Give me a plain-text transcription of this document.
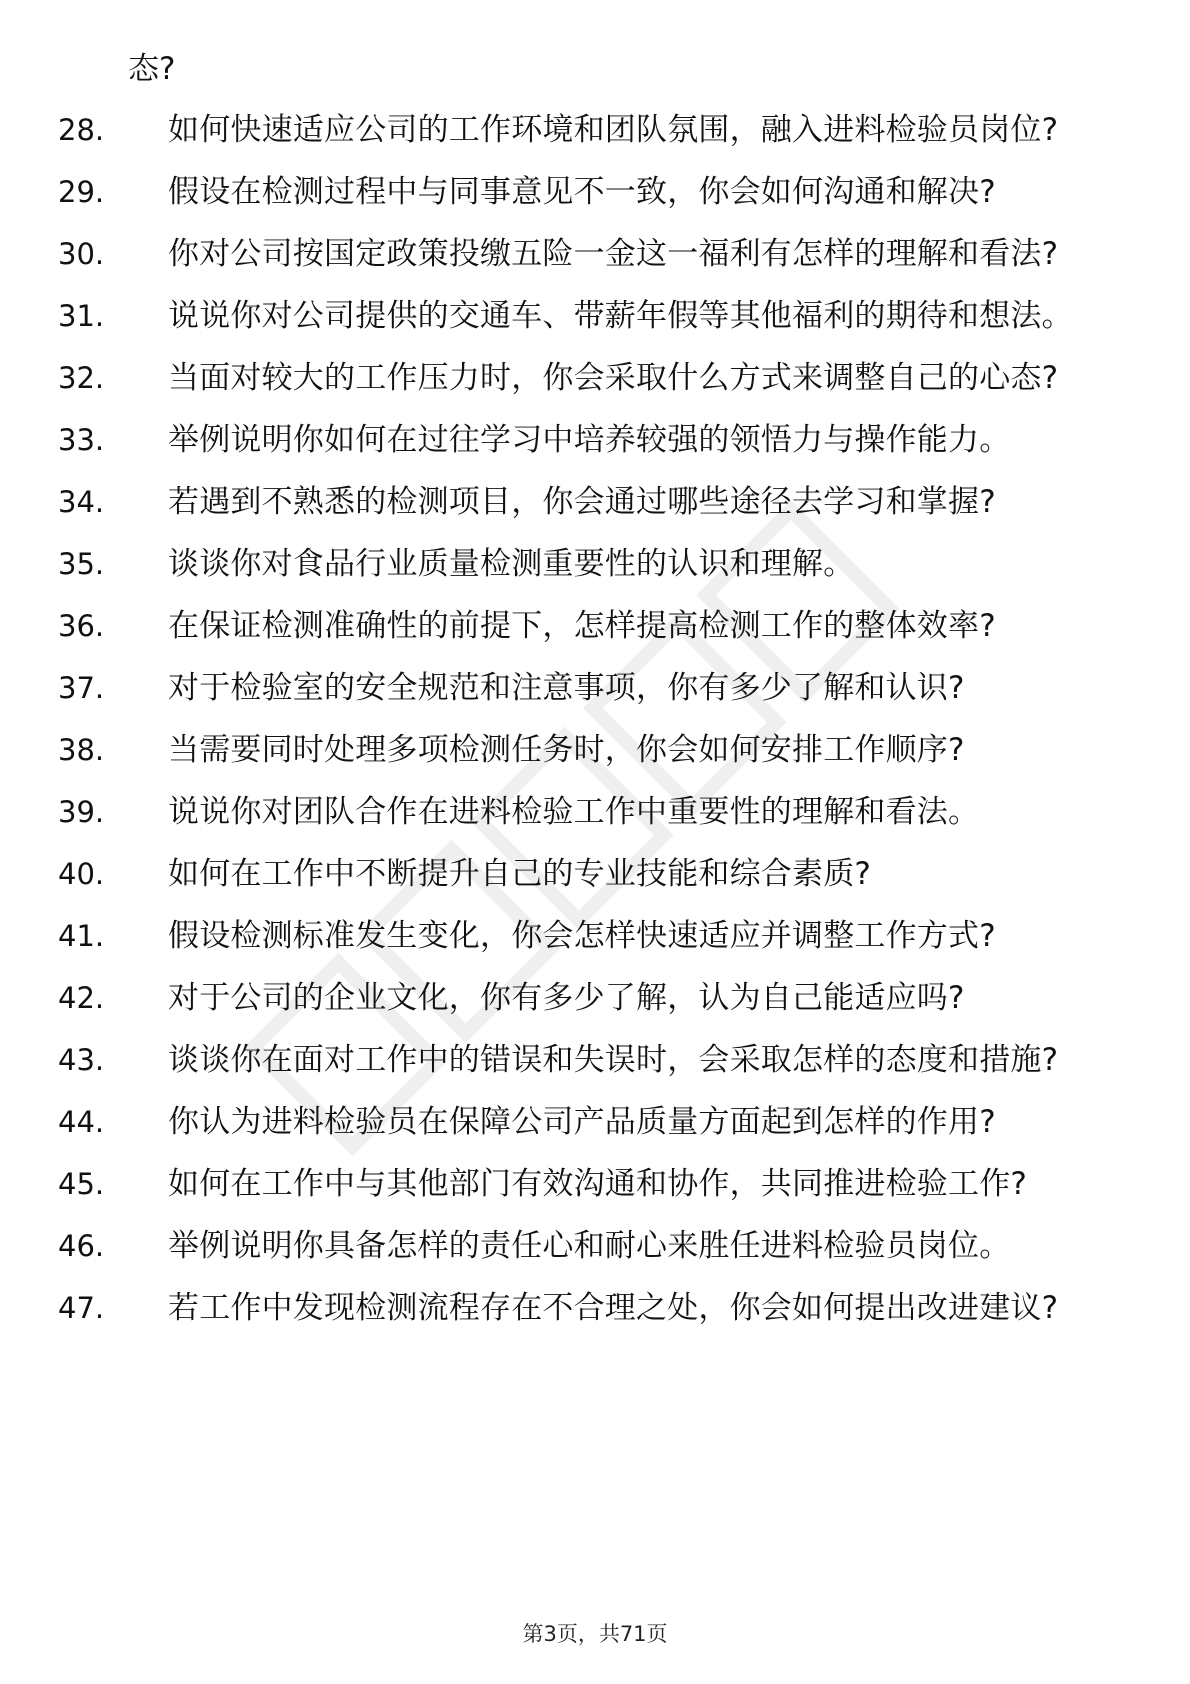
态?
28.	如何快速适应公司的工作环境和团队氛围，融入进料检验员岗位?
29.	假设在检测过程中与同事意见不一致，你会如何沟通和解决?
30.	你对公司按国定政策投缴五险一金这一福利有怎样的理解和看法?
31.	说说你对公司提供的交通车、带薪年假等其他福利的期待和想法。
32.	当面对较大的工作压力时，你会采取什么方式来调整自己的心态?
33.	举例说明你如何在过往学习中培养较强的领悟力与操作能力。
34.	若遇到不熟悉的检测项目，你会通过哪些途径去学习和掌握?
35.	谈谈你对食品行业质量检测重要性的认识和理解。
36.	在保证检测准确性的前提下，怎样提高检测工作的整体效率?
37.	对于检验室的安全规范和注意事项，你有多少了解和认识?
38.	当需要同时处理多项检测任务时，你会如何安排工作顺序?
39.	说说你对团队合作在进料检验工作中重要性的理解和看法。
40.	如何在工作中不断提升自己的专业技能和综合素质?
41.	假设检测标准发生变化，你会怎样快速适应并调整工作方式?
42.	对于公司的企业文化，你有多少了解，认为自己能适应吗?
43.	谈谈你在面对工作中的错误和失误时，会采取怎样的态度和措施?
44.	你认为进料检验员在保障公司产品质量方面起到怎样的作用?
45.	如何在工作中与其他部门有效沟通和协作，共同推进检验工作?
46.	举例说明你具备怎样的责任心和耐心来胜任进料检验员岗位。
47.	若工作中发现检测流程存在不合理之处，你会如何提出改进建议?
第3页，共71页
